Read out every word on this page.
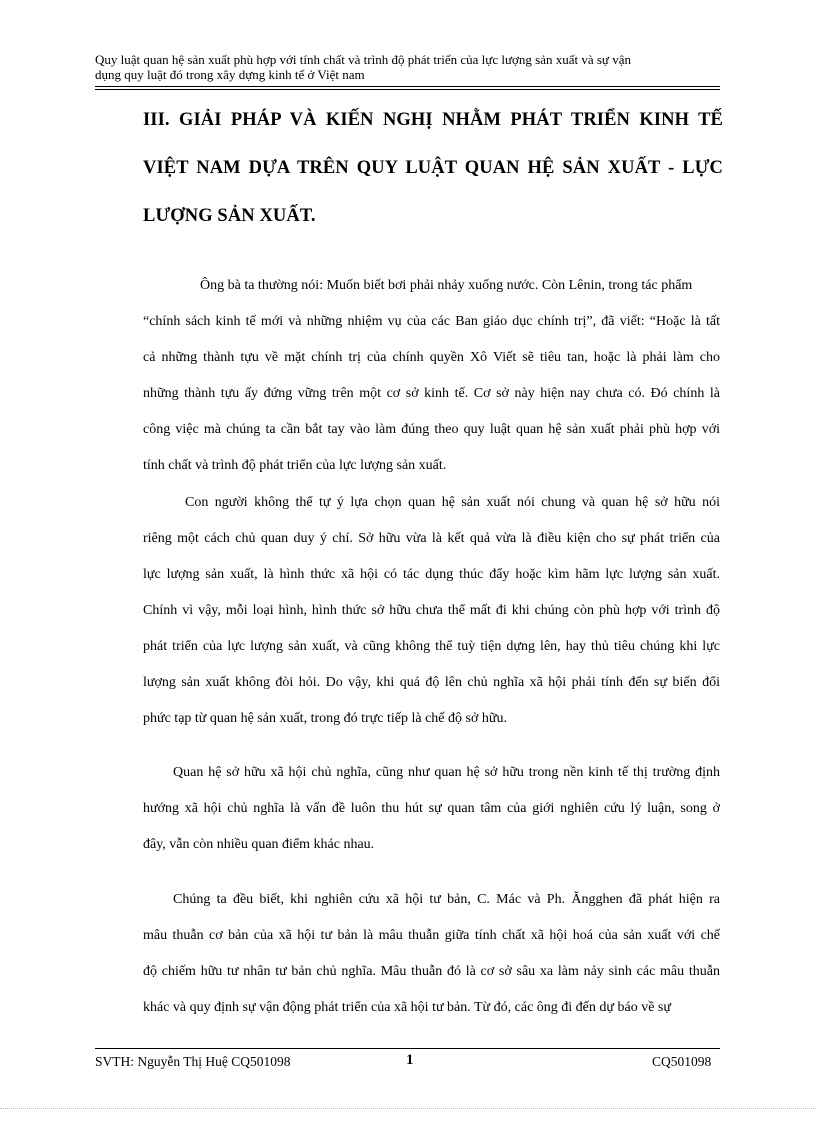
Quy luật quan hệ sản xuất phù hợp với tính chất và trình độ phát triển của lực lượng sản xuất và sự vận
dụng quy luật đó trong xây dựng kinh tế ở Việt nam
III. GIẢI PHÁP VÀ KIẾN NGHỊ NHẰM PHÁT TRIỂN KINH TẾ
VIỆT NAM DỰA TRÊN QUY LUẬT QUAN HỆ SẢN XUẤT - LỰC
LƯỢNG SẢN XUẤT.
Ông bà ta thường nói: Muốn biết bơi phải nhảy xuống nước. Còn Lênin, trong tác phẩm
“chính sách kinh tế mới và những nhiệm vụ của các Ban giáo dục chính trị”, đã viết: “Hoặc là tất
cả những thành tựu về mặt chính trị của chính quyền Xô Viết sẽ tiêu tan, hoặc là phải làm cho
những thành tựu ấy đứng vững trên một cơ sở kinh tế. Cơ sở này hiện nay chưa có. Đó chính là
công việc mà chúng ta cần bắt tay vào làm đúng theo quy luật quan hệ sản xuất phải phù hợp với
tính chất và trình độ phát triển của lực lượng sản xuất.
Con người không thể tự ý lựa chọn quan hệ sản xuất nói chung và quan hệ sở hữu nói
riêng một cách chủ quan duy ý chí. Sở hữu vừa là kết quả vừa là điều kiện cho sự phát triển của
lực lượng sản xuất, là hình thức xã hội có tác dụng thúc đẩy hoặc kìm hãm lực lượng sản xuất.
Chính vì vậy, mỗi loại hình, hình thức sở hữu chưa thể mất đi khi chúng còn phù hợp với trình độ
phát triển của lực lượng sản xuất, và cũng không thể tuỳ tiện dựng lên, hay thủ tiêu chúng khi lực
lượng sản xuất không đòi hỏi. Do vậy, khi quá độ lên chủ nghĩa xã hội phải tính đến sự biến đổi
phức tạp từ quan hệ sản xuất, trong đó trực tiếp là chế độ sở hữu.
Quan hệ sở hữu xã hội chủ nghĩa, cũng như quan hệ sở hữu trong nền kinh tế thị trường định
hướng xã hội chủ nghĩa là vấn đề luôn thu hút sự quan tâm của giới nghiên cứu lý luận, song ở
đây, vẫn còn nhiều quan điểm khác nhau.
Chúng ta đều biết, khi nghiên cứu xã hội tư bản, C. Mác và Ph. Ăngghen đã phát hiện ra
mâu thuẫn cơ bản của xã hội tư bản là mâu thuẫn giữa tính chất xã hội hoá của sản xuất với chế
độ chiếm hữu tư nhân tư bản chủ nghĩa. Mâu thuẫn đó là cơ sở sâu xa làm nảy sinh các mâu thuẫn
khác và quy định sự vận động phát triển của xã hội tư bản. Từ đó, các ông đi đến dự báo về sự
SVTH: Nguyễn Thị Huệ CQ501098	1	CQ501098
